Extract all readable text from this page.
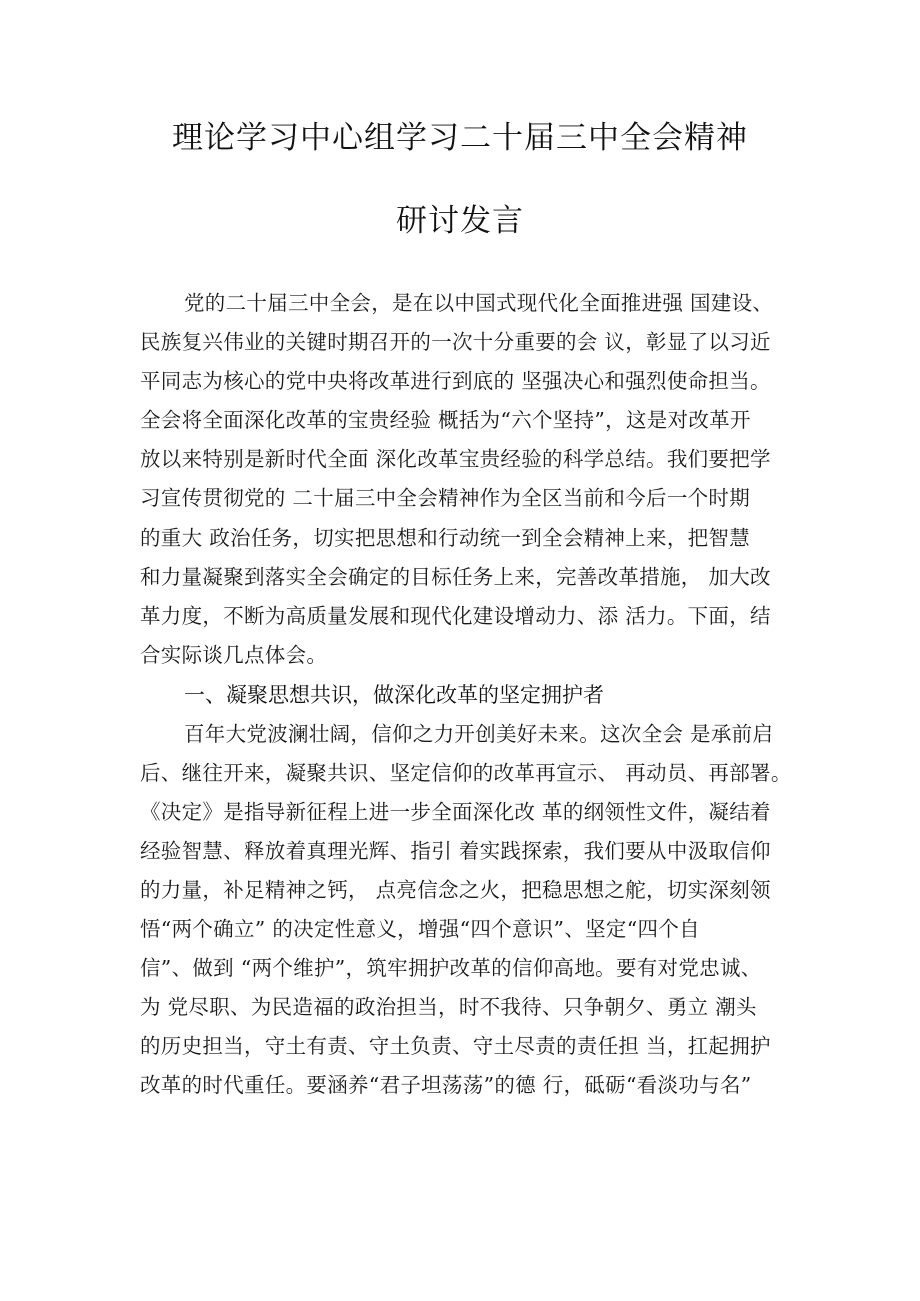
理论学习中心组学习二十届三中全会精神
研讨发言
党的二十届三中全会，是在以中国式现代化全面推进强 国建设、
民族复兴伟业的关键时期召开的一次十分重要的会 议，彰显了以习近
平同志为核心的党中央将改革进行到底的 坚强决心和强烈使命担当。
全会将全面深化改革的宝贵经验 概括为“六个坚持”，这是对改革开
放以来特别是新时代全面 深化改革宝贵经验的科学总结。我们要把学
习宣传贯彻党的 二十届三中全会精神作为全区当前和今后一个时期
的重大 政治任务，切实把思想和行动统一到全会精神上来，把智慧
和力量凝聚到落实全会确定的目标任务上来，完善改革措施， 加大改
革力度，不断为高质量发展和现代化建设增动力、添 活力。下面，结
合实际谈几点体会。
一、凝聚思想共识，做深化改革的坚定拥护者
百年大党波澜壮阔，信仰之力开创美好未来。这次全会 是承前启
后、继往开来，凝聚共识、坚定信仰的改革再宣示、 再动员、再部署。
《决定》是指导新征程上进一步全面深化改 革的纲领性文件，凝结着
经验智慧、释放着真理光辉、指引 着实践探索，我们要从中汲取信仰
的力量，补足精神之钙， 点亮信念之火，把稳思想之舵，切实深刻领
悟“两个确立” 的决定性意义，增强“四个意识”、坚定“四个自
信”、做到 “两个维护”，筑牢拥护改革的信仰高地。要有对党忠诚、
为 党尽职、为民造福的政治担当，时不我待、只争朝夕、勇立 潮头
的历史担当，守土有责、守土负责、守土尽责的责任担 当，扛起拥护
改革的时代重任。要涵养“君子坦荡荡”的德 行，砥砺“看淡功与名”
